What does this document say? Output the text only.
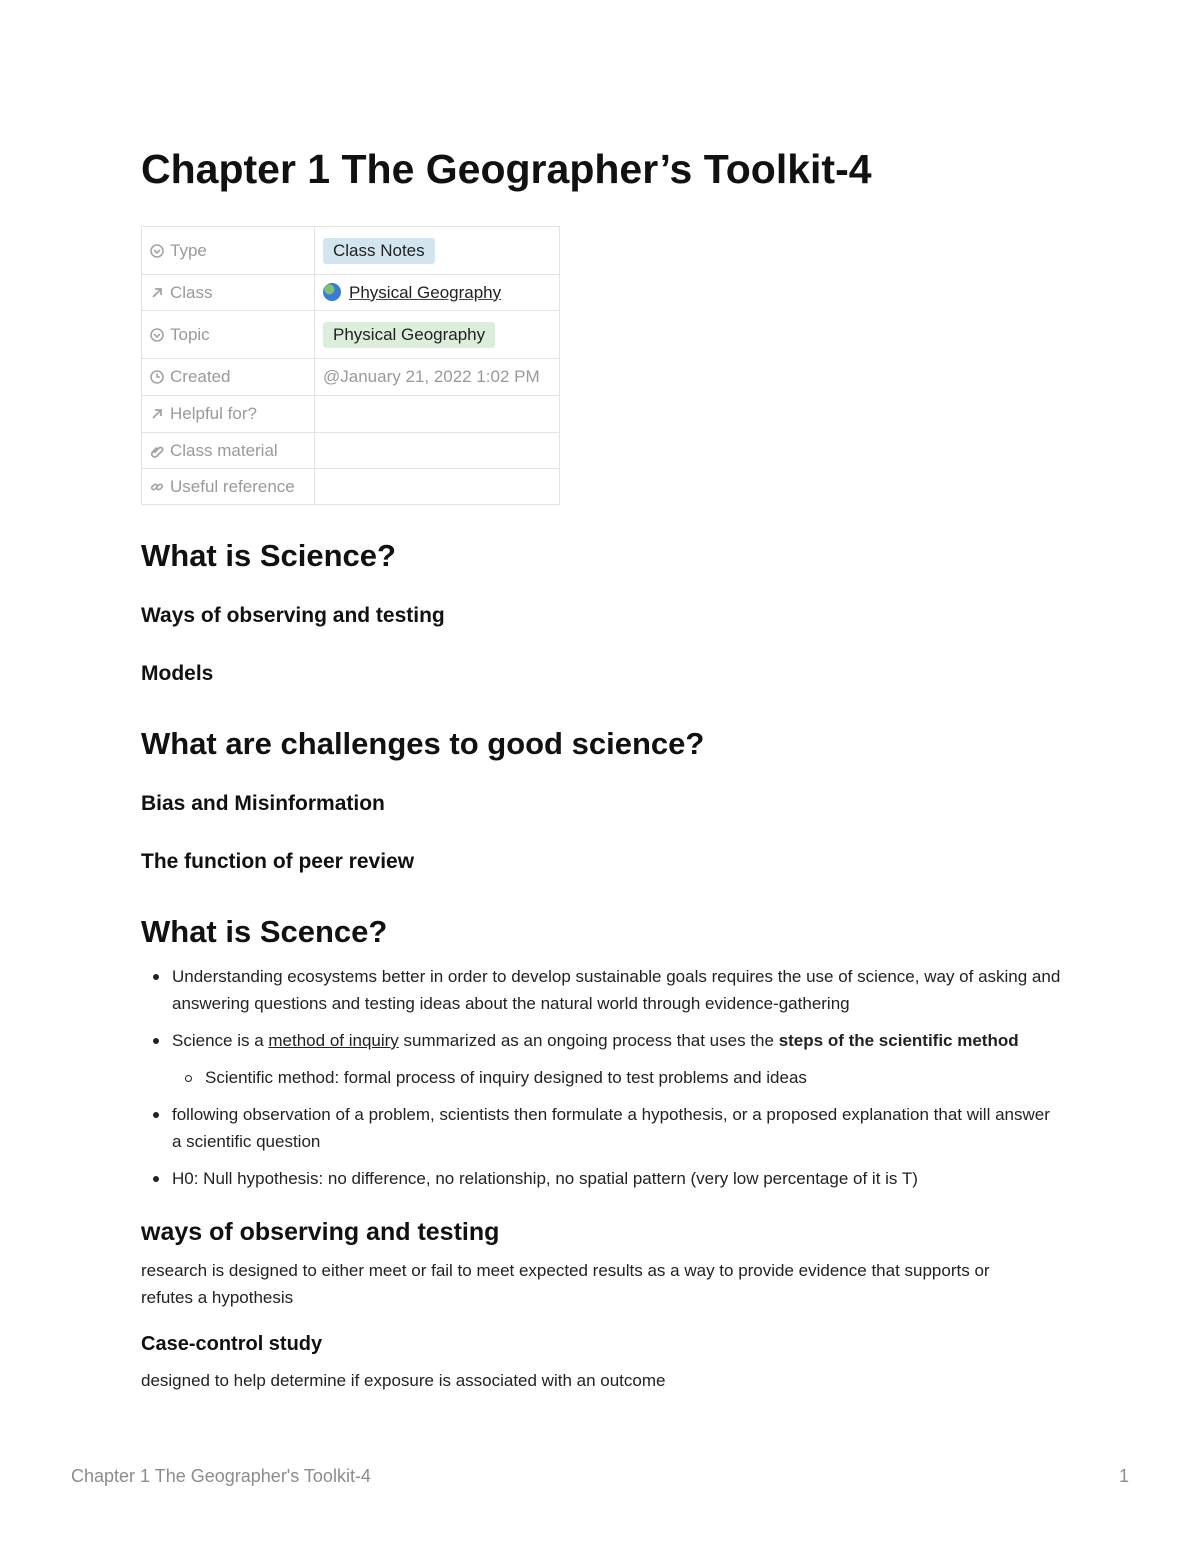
Chapter 1 The Geographer’s Toolkit-4
Type	Class Notes
Class	Physical Geography
Topic	Physical Geography
Created	@January 21, 2022 1:02 PM
Helpful for?	
Class material	
Useful reference	
What is Science?
Ways of observing and testing
Models
What are challenges to good science?
Bias and Misinformation
The function of peer review
What is Scence?
Understanding ecosystems better in order to develop sustainable goals requires the use of science, way of asking and answering questions and testing ideas about the natural world through evidence-gathering
Science is a method of inquiry summarized as an ongoing process that uses the steps of the scientific method
Scientific method: formal process of inquiry designed to test problems and ideas
following observation of a problem, scientists then formulate a hypothesis, or a proposed explanation that will answer a scientific question
H0: Null hypothesis: no difference, no relationship, no spatial pattern (very low percentage of it is T)
ways of observing and testing

research is designed to either meet or fail to meet expected results as a way to provide evidence that supports or refutes a hypothesis

Case-control study

designed to help determine if exposure is associated with an outcome

Chapter 1 The Geographer's Toolkit-4	1
